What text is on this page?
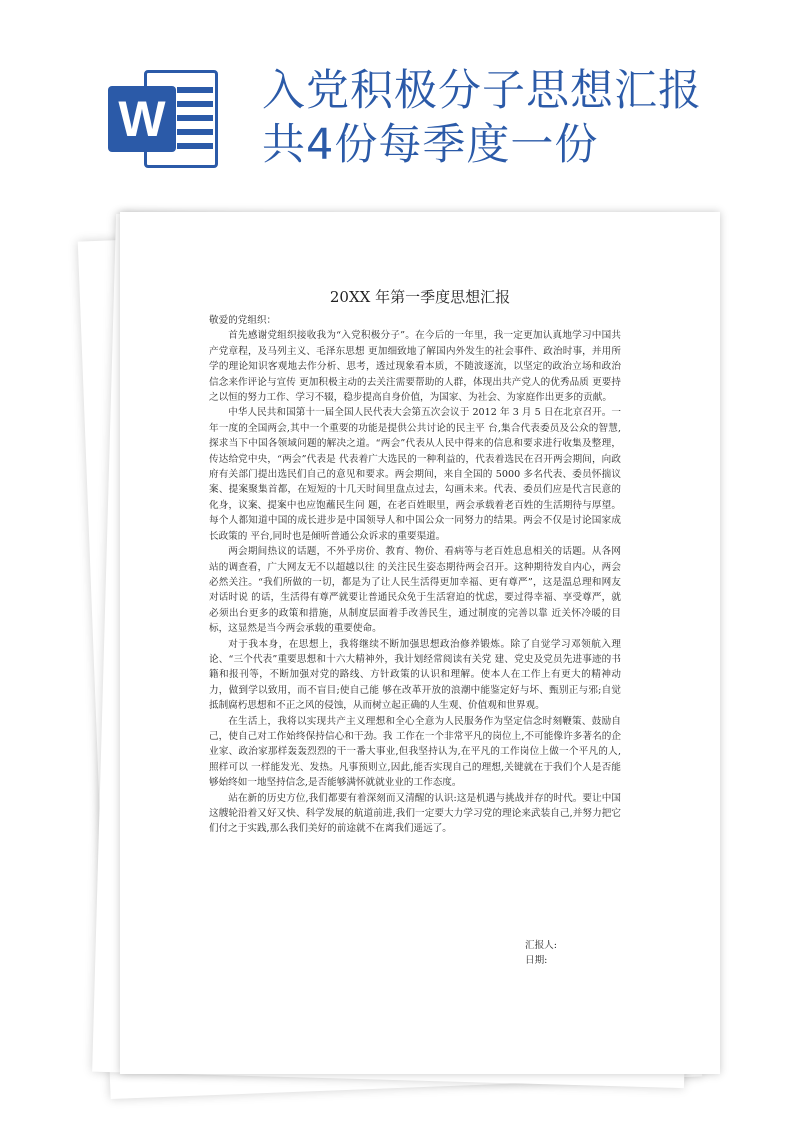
W 入党积极分子思想汇报
共4份每季度一份
20XX 年第一季度思想汇报

敬爱的党组织：

首先感谢党组织接收我为“入党积极分子”。在今后的一年里，我一定更加认真地学习中国共产党章程，及马列主义、毛泽东思想 更加细致地了解国内外发生的社会事件、政治时事，并用所学的理论知识客观地去作分析、思考，透过现象看本质，不随波逐流，以坚定的政治立场和政治信念来作评论与宣传 更加积极主动的去关注需要帮助的人群，体现出共产党人的优秀品质 更要持之以恒的努力工作、学习不辍，稳步提高自身价值，为国家、为社会、为家庭作出更多的贡献。

中华人民共和国第十一届全国人民代表大会第五次会议于 2012 年 3 月 5 日在北京召开。一年一度的全国两会,其中一个重要的功能是提供公共讨论的民主平 台,集合代表委员及公众的智慧,探求当下中国各领域问题的解决之道。“两会”代表从人民中得来的信息和要求进行收集及整理，传达给党中央，“两会”代表是 代表着广大选民的一种利益的，代表着选民在召开两会期间，向政府有关部门提出选民们自己的意见和要求。两会期间，来自全国的 5000 多名代表、委员怀揣议案、提案聚集首都，在短短的十几天时间里盘点过去，勾画未来。代表、委员们应是代言民意的化身，议案、提案中也应饱蘸民生问 题，在老百姓眼里，两会承载着老百姓的生活期待与厚望。每个人都知道中国的成长进步是中国领导人和中国公众一同努力的结果。两会不仅是讨论国家成长政策的 平台,同时也是倾听普通公众诉求的重要渠道。

两会期间热议的话题，不外乎房价、教育、物价、看病等与老百姓息息相关的话题。从各网站的调查看，广大网友无不以超越以往 的关注民生姿态期待两会召开。这种期待发自内心，两会必然关注。“我们所做的一切，都是为了让人民生活得更加幸福、更有尊严”，这是温总理和网友对话时说 的话，生活得有尊严就要让普通民众免于生活窘迫的忧虑，要过得幸福、享受尊严，就必须出台更多的政策和措施，从制度层面着手改善民生，通过制度的完善以靠 近关怀冷暖的目标，这显然是当今两会承载的重要使命。

对于我本身，在思想上，我将继续不断加强思想政治修养锻炼。除了自觉学习邓领航入理论、“三个代表”重要思想和十六大精神外，我计划经常阅读有关党 建、党史及党员先进事迹的书籍和报刊等，不断加强对党的路线、方针政策的认识和理解。使本人在工作上有更大的精神动力，做到学以致用，而不盲目;使自己能 够在改革开放的浪潮中能鉴定好与坏、甄别正与邪;自觉抵制腐朽思想和不正之风的侵蚀，从而树立起正确的人生观、价值观和世界观。

在生活上，我将以实现共产主义理想和全心全意为人民服务作为坚定信念时刻鞭策、鼓励自己，使自己对工作始终保持信心和干劲。我 工作在一个非常平凡的岗位上,不可能像许多著名的企业家、政治家那样轰轰烈烈的干一番大事业,但我坚持认为,在平凡的工作岗位上做一个平凡的人,照样可以 一样能发光、发热。凡事预则立,因此,能否实现自己的理想,关键就在于我们个人是否能够始终如一地坚持信念,是否能够满怀就就业业的工作态度。

站在新的历史方位,我们都要有着深刻而又清醒的认识:这是机遇与挑战并存的时代。要让中国这艘轮沿着又好又快、科学发展的航道前进,我们一定要大力学习党的理论来武装自己,并努力把它们付之于实践,那么我们美好的前途就不在离我们遥远了。

汇报人:
日期:
